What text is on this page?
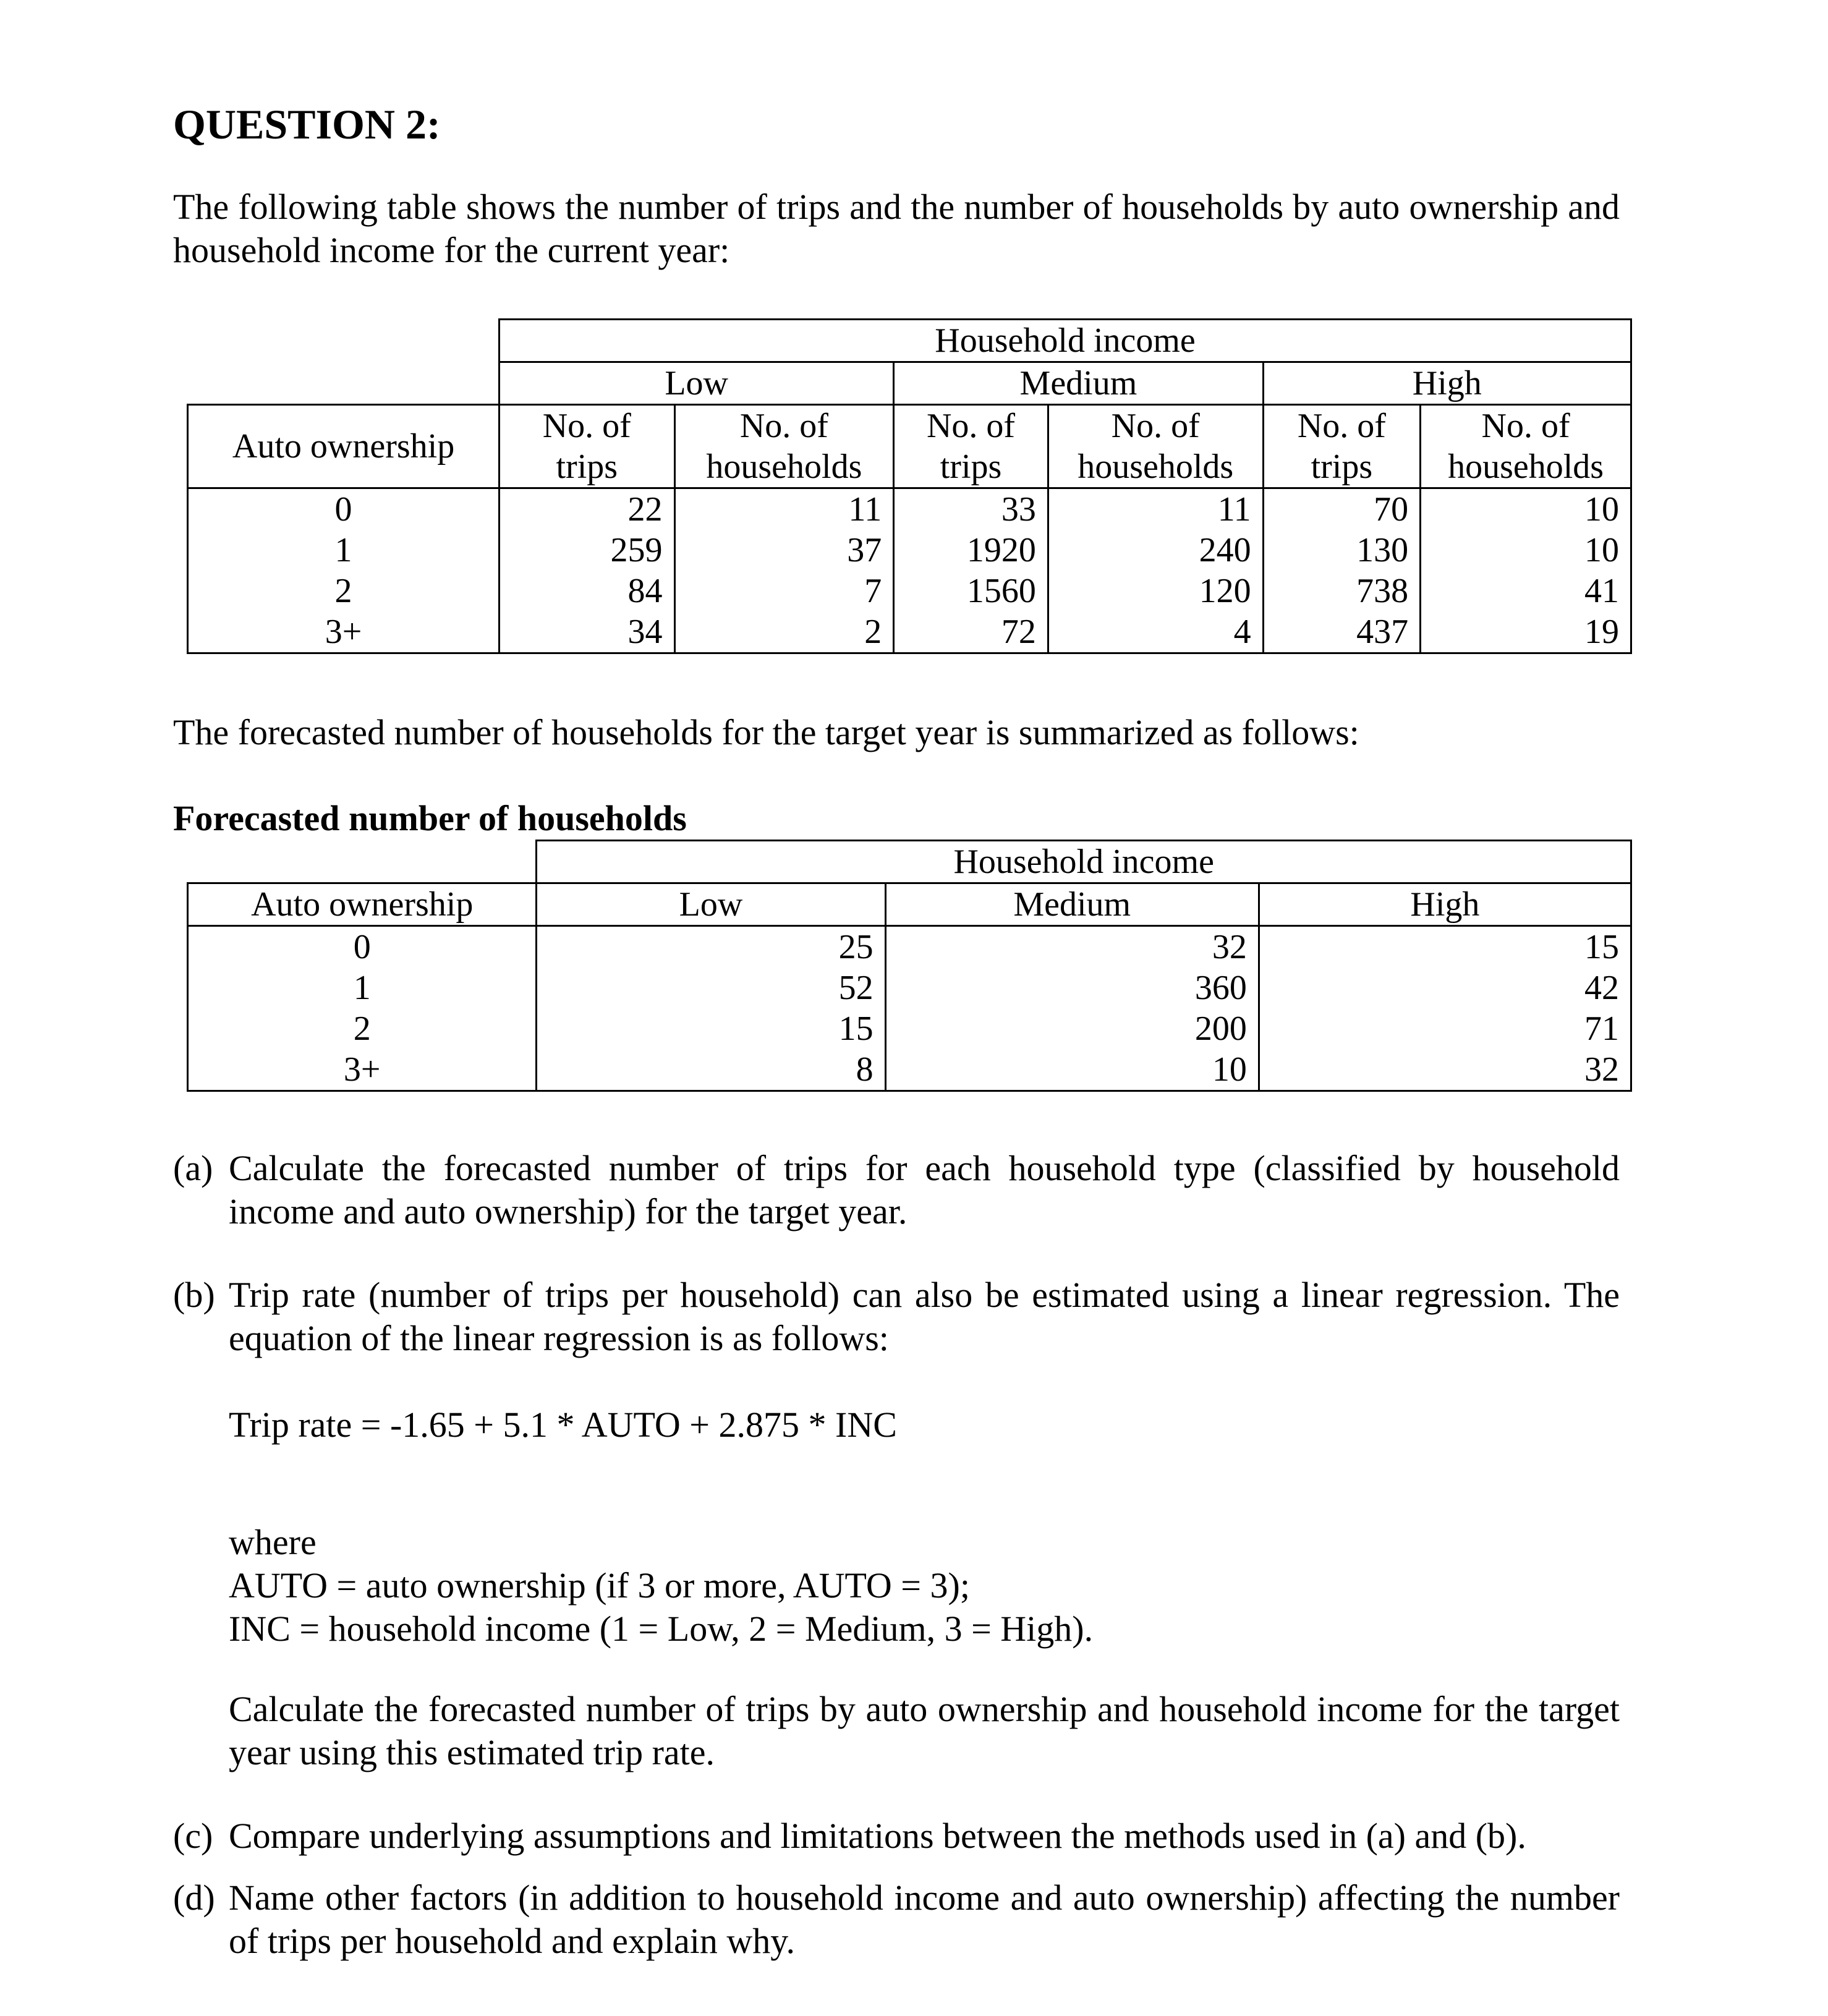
QUESTION 2:

The following table shows the number of trips and the number of households by auto ownership and household income for the current year:

	Household income					
	Low		Medium		High	
Auto ownership	No. of trips	No. of households	No. of trips	No. of households	No. of trips	No. of households
0	22	11	33	11	70	10
1	259	37	1920	240	130	10
2	84	7	1560	120	738	41
3+	34	2	72	4	437	19

The forecasted number of households for the target year is summarized as follows:

Forecasted number of households

	Household income		
Auto ownership	Low	Medium	High
0	25	32	15
1	52	360	42
2	15	200	71
3+	8	10	32
(a) Calculate the forecasted number of trips for each household type (classified by household income and auto ownership) for the target year.
(b) Trip rate (number of trips per household) can also be estimated using a linear regression. The equation of the linear regression is as follows:

Trip rate = -1.65 + 5.1 * AUTO + 2.875 * INC

where

AUTO = auto ownership (if 3 or more, AUTO = 3);

INC = household income (1 = Low, 2 = Medium, 3 = High).

Calculate the forecasted number of trips by auto ownership and household income for the target year using this estimated trip rate.

(c) Compare underlying assumptions and limitations between the methods used in (a) and (b).
(d) Name other factors (in addition to household income and auto ownership) affecting the number of trips per household and explain why.
